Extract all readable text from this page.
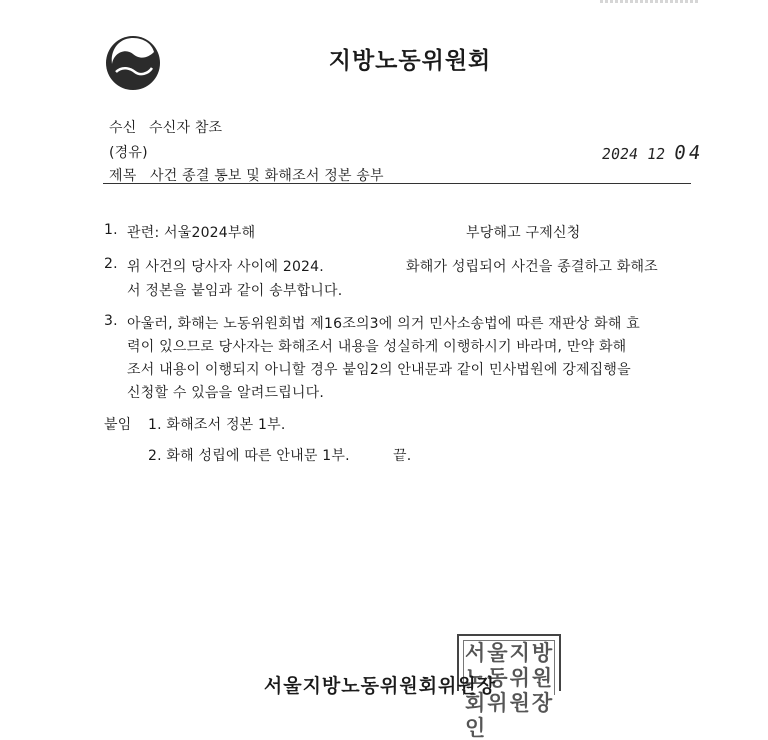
지방노동위원회
수신 수신자 참조
(경유)	2024 12 04
제목 사건 종결 통보 및 화해조서 정본 송부
1. 관련: 서울2024부해	부당해고 구제신청
2. 위 사건의 당사자 사이에 2024.	화해가 성립되어 사건을 종결하고 화해조
서 정본을 붙임과 같이 송부합니다.
3. 아울러, 화해는 노동위원회법 제16조의3에 의거 민사소송법에 따른 재판상 화해 효
력이 있으므로 당사자는 화해조서 내용을 성실하게 이행하시기 바라며, 만약 화해
조서 내용이 이행되지 아니할 경우 붙임2의 안내문과 같이 민사법원에 강제집행을
신청할 수 있음을 알려드립니다.
붙임 1. 화해조서 정본 1부.
2. 화해 성립에 따른 안내문 1부.	끝.
서울지방노동위원회위원장인
서울지방노동위원회위원장
